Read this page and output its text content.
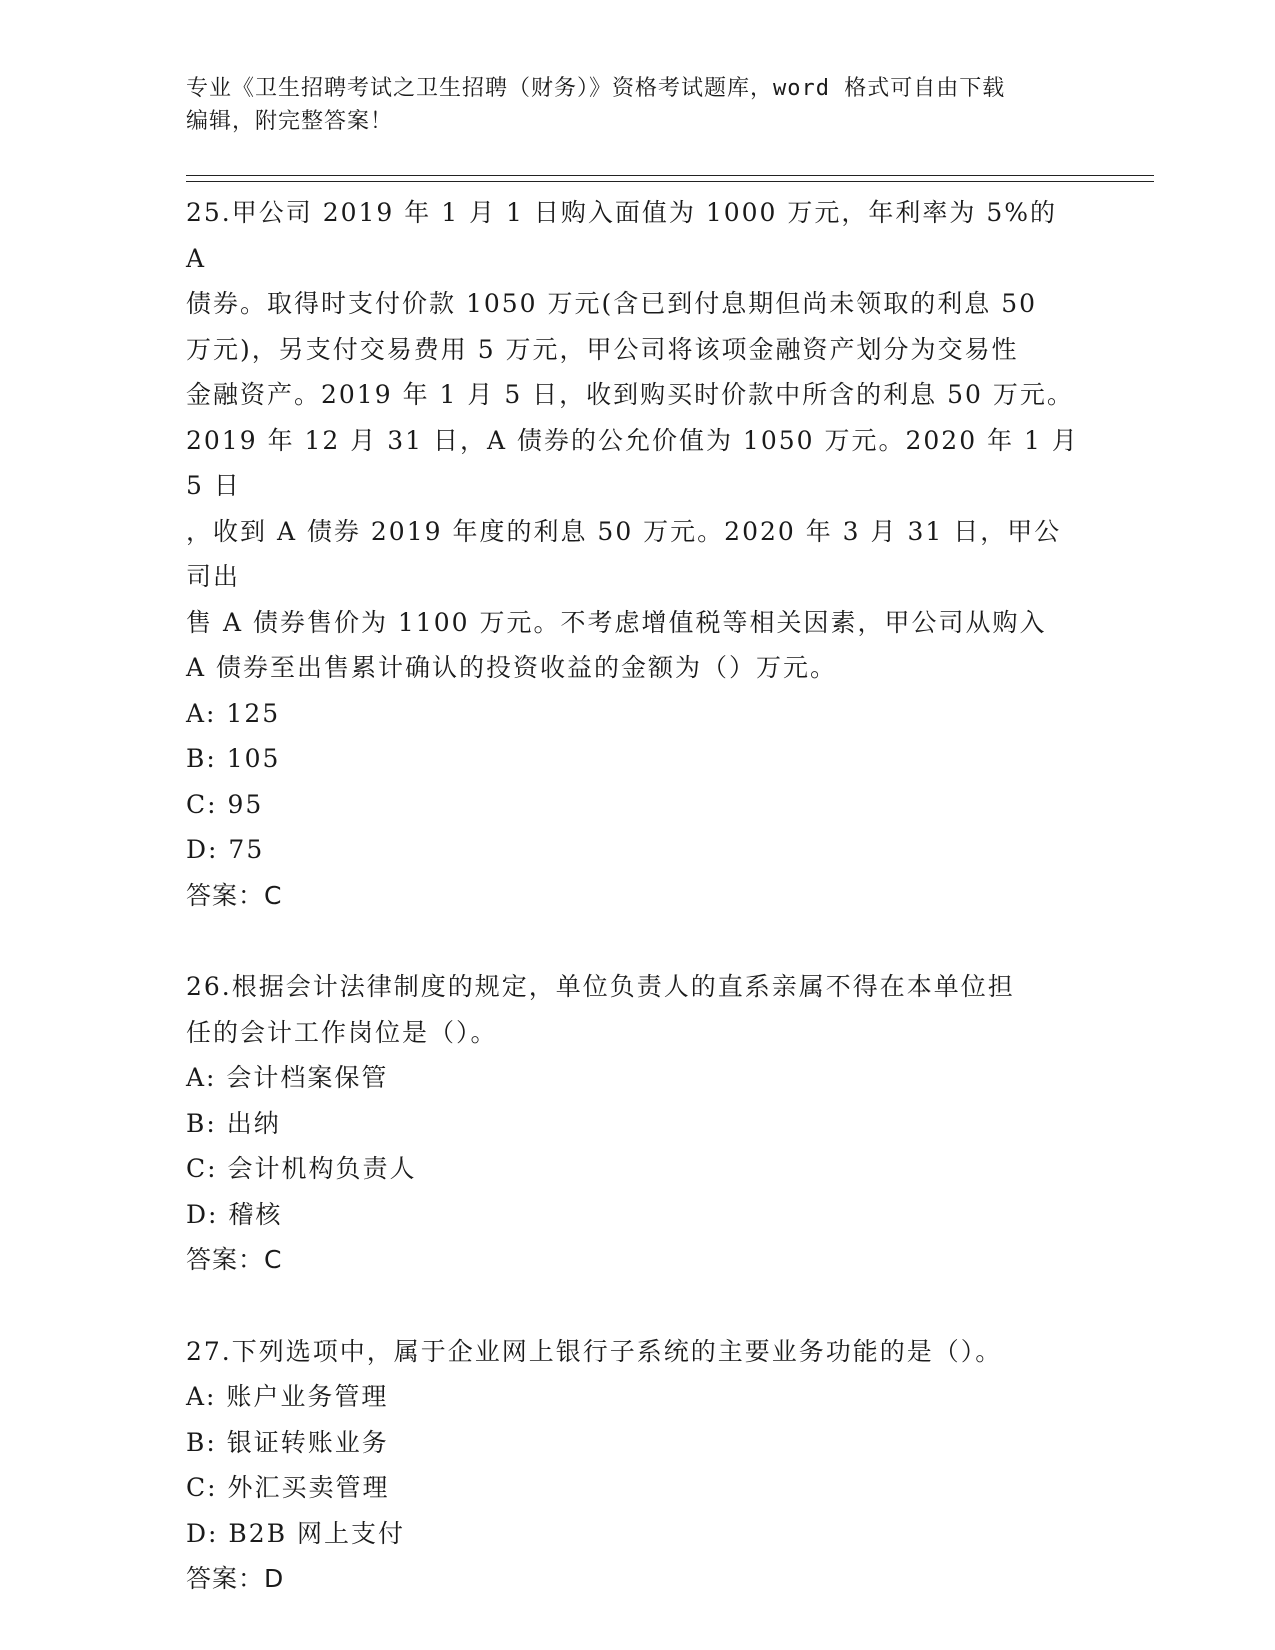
专业《卫生招聘考试之卫生招聘（财务）》资格考试题库，word 格式可自由下载
编辑，附完整答案！

25.甲公司 2019 年 1 月 1 日购入面值为 1000 万元，年利率为 5%的 A

债券。取得时支付价款 1050 万元(含已到付息期但尚未领取的利息 50

万元)，另支付交易费用 5 万元，甲公司将该项金融资产划分为交易性

金融资产。2019 年 1 月 5 日，收到购买时价款中所含的利息 50 万元。

2019 年 12 月 31 日，A 债券的公允价值为 1050 万元。2020 年 1 月 5 日

，收到 A 债券 2019 年度的利息 50 万元。2020 年 3 月 31 日，甲公司出

售 A 债券售价为 1100 万元。不考虑增值税等相关因素，甲公司从购入

A 债券至出售累计确认的投资收益的金额为（）万元。

A: 125

B: 105

C: 95

D: 75

答案：C

26.根据会计法律制度的规定，单位负责人的直系亲属不得在本单位担

任的会计工作岗位是（）。

A: 会计档案保管

B: 出纳

C: 会计机构负责人

D: 稽核

答案：C

27.下列选项中，属于企业网上银行子系统的主要业务功能的是（）。

A: 账户业务管理

B: 银证转账业务

C: 外汇买卖管理

D: B2B 网上支付

答案：D
